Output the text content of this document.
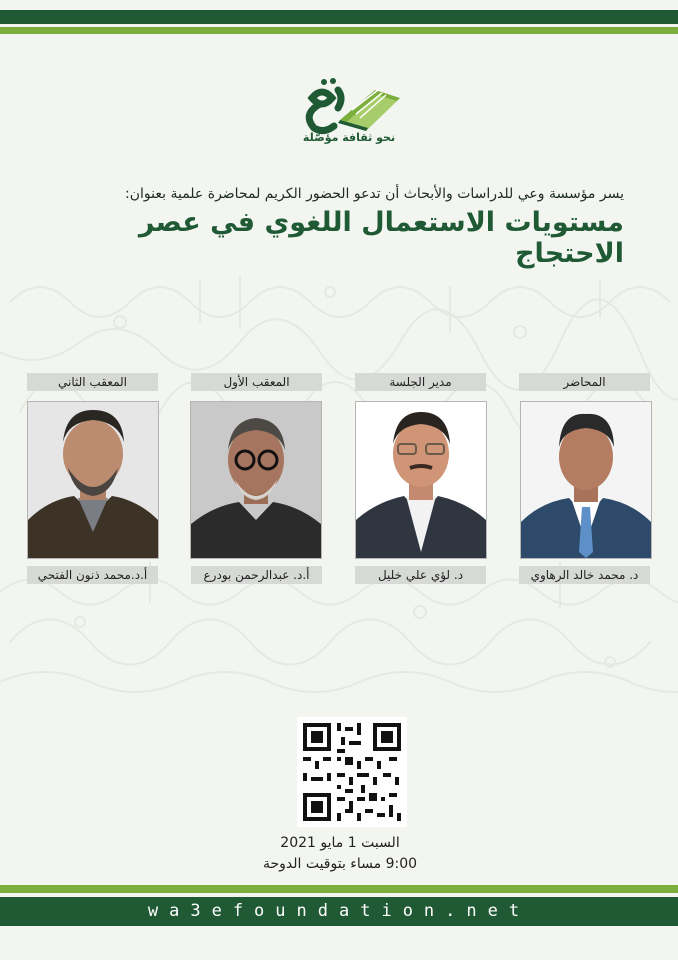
نحو ثقافة مؤصّلة
يسر مؤسسة وعي للدراسات والأبحاث أن تدعو الحضور الكريم لمحاضرة علمية بعنوان:
مستويات الاستعمال اللغوي في عصر الاحتجاج
المحاضر
مدير الجلسة
المعقب الأول
المعقب الثاني
د. محمد خالد الرهاوي
د. لؤي علي خليل
أ.د. عبدالرحمن بودرع
أ.د.محمد ذنون الفتحي
السبت 1 مايو 2021
9:00 مساء بتوقيت الدوحة
wa3efoundation.net
